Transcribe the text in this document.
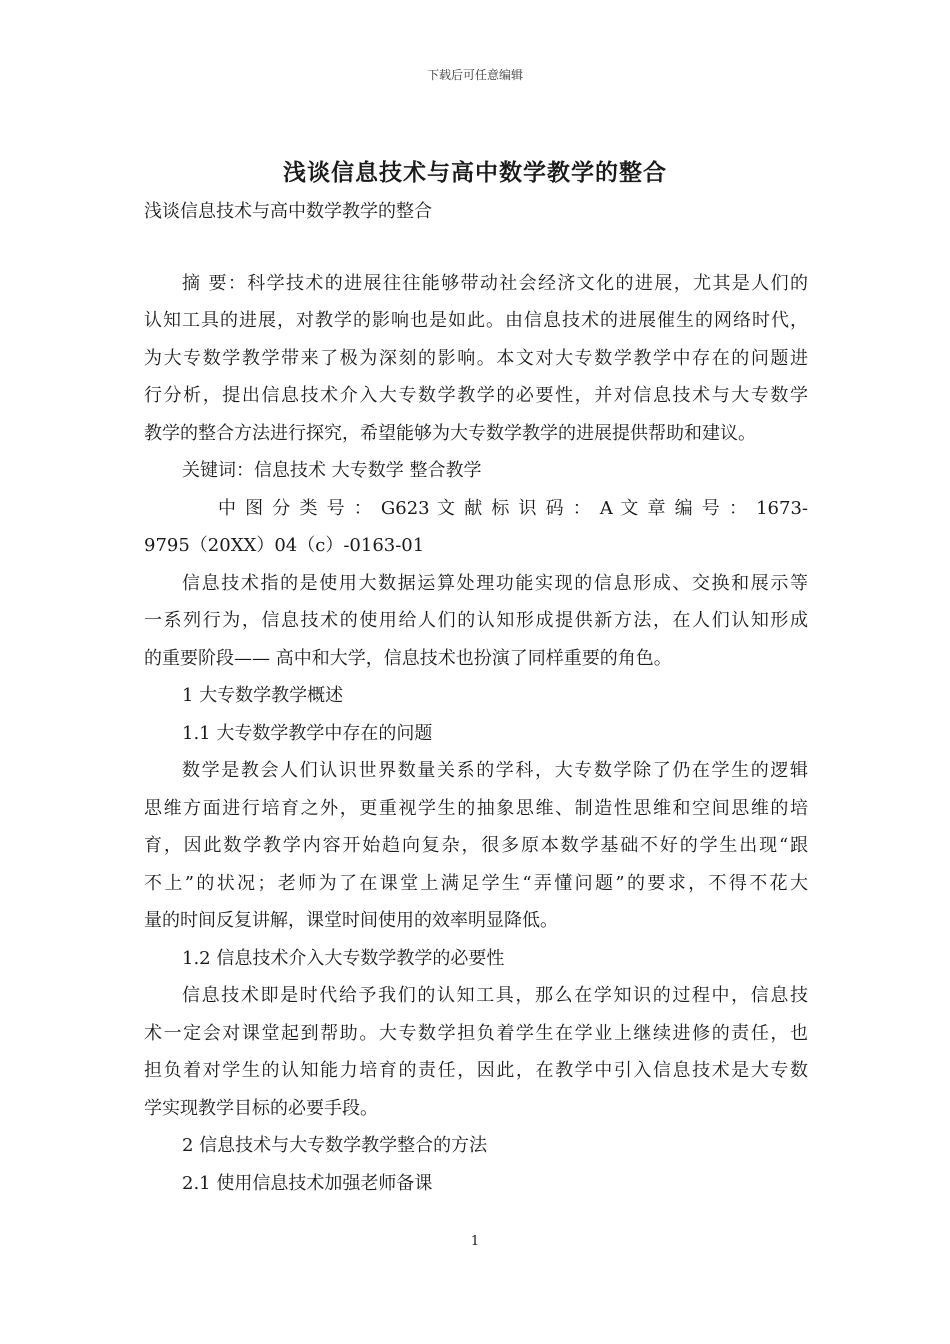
下载后可任意编辑
浅谈信息技术与高中数学教学的整合
浅谈信息技术与高中数学教学的整合
摘 要：科学技术的进展往往能够带动社会经济文化的进展，尤其是人们的
认知工具的进展，对教学的影响也是如此。由信息技术的进展催生的网络时代，
为大专数学教学带来了极为深刻的影响。本文对大专数学教学中存在的问题进
行分析，提出信息技术介入大专数学教学的必要性，并对信息技术与大专数学
教学的整合方法进行探究，希望能够为大专数学教学的进展提供帮助和建议。
关键词：信息技术 大专数学 整合教学
中 图 分 类 号 ： G623 文 献 标 识 码 ： A 文 章 编 号 ： 1673-
9795（20XX）04（c）-0163-01
信息技术指的是使用大数据运算处理功能实现的信息形成、交换和展示等
一系列行为，信息技术的使用给人们的认知形成提供新方法，在人们认知形成
的重要阶段—— 高中和大学，信息技术也扮演了同样重要的角色。
1 大专数学教学概述
1.1 大专数学教学中存在的问题
数学是教会人们认识世界数量关系的学科，大专数学除了仍在学生的逻辑
思维方面进行培育之外，更重视学生的抽象思维、制造性思维和空间思维的培
育，因此数学教学内容开始趋向复杂，很多原本数学基础不好的学生出现“跟
不上”的状况；老师为了在课堂上满足学生“弄懂问题”的要求，不得不花大
量的时间反复讲解，课堂时间使用的效率明显降低。
1.2 信息技术介入大专数学教学的必要性
信息技术即是时代给予我们的认知工具，那么在学知识的过程中，信息技
术一定会对课堂起到帮助。大专数学担负着学生在学业上继续进修的责任，也
担负着对学生的认知能力培育的责任，因此，在教学中引入信息技术是大专数
学实现教学目标的必要手段。
2 信息技术与大专数学教学整合的方法
2.1 使用信息技术加强老师备课
1
